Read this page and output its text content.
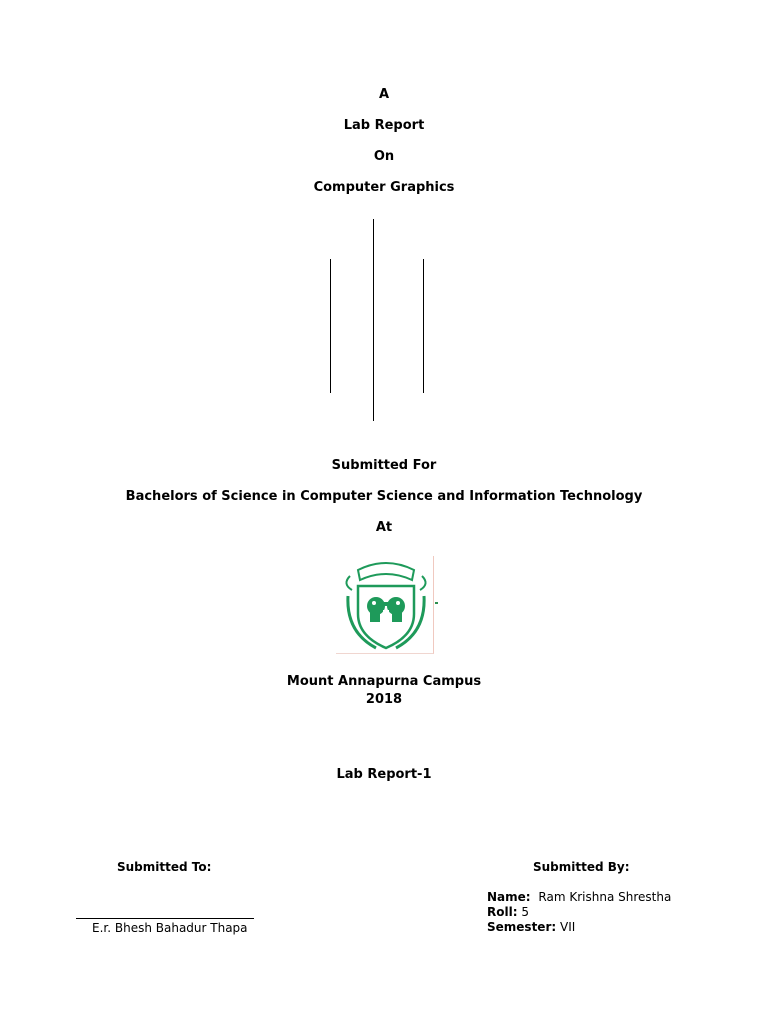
A
Lab Report
On
Computer Graphics
Submitted For
Bachelors of Science in Computer Science and Information Technology
At
Mount Annapurna Campus
2018
Lab Report-1
Submitted To:	Submitted By:
Name: Ram Krishna Shrestha
Roll: 5
Semester: VII
E.r. Bhesh Bahadur Thapa
